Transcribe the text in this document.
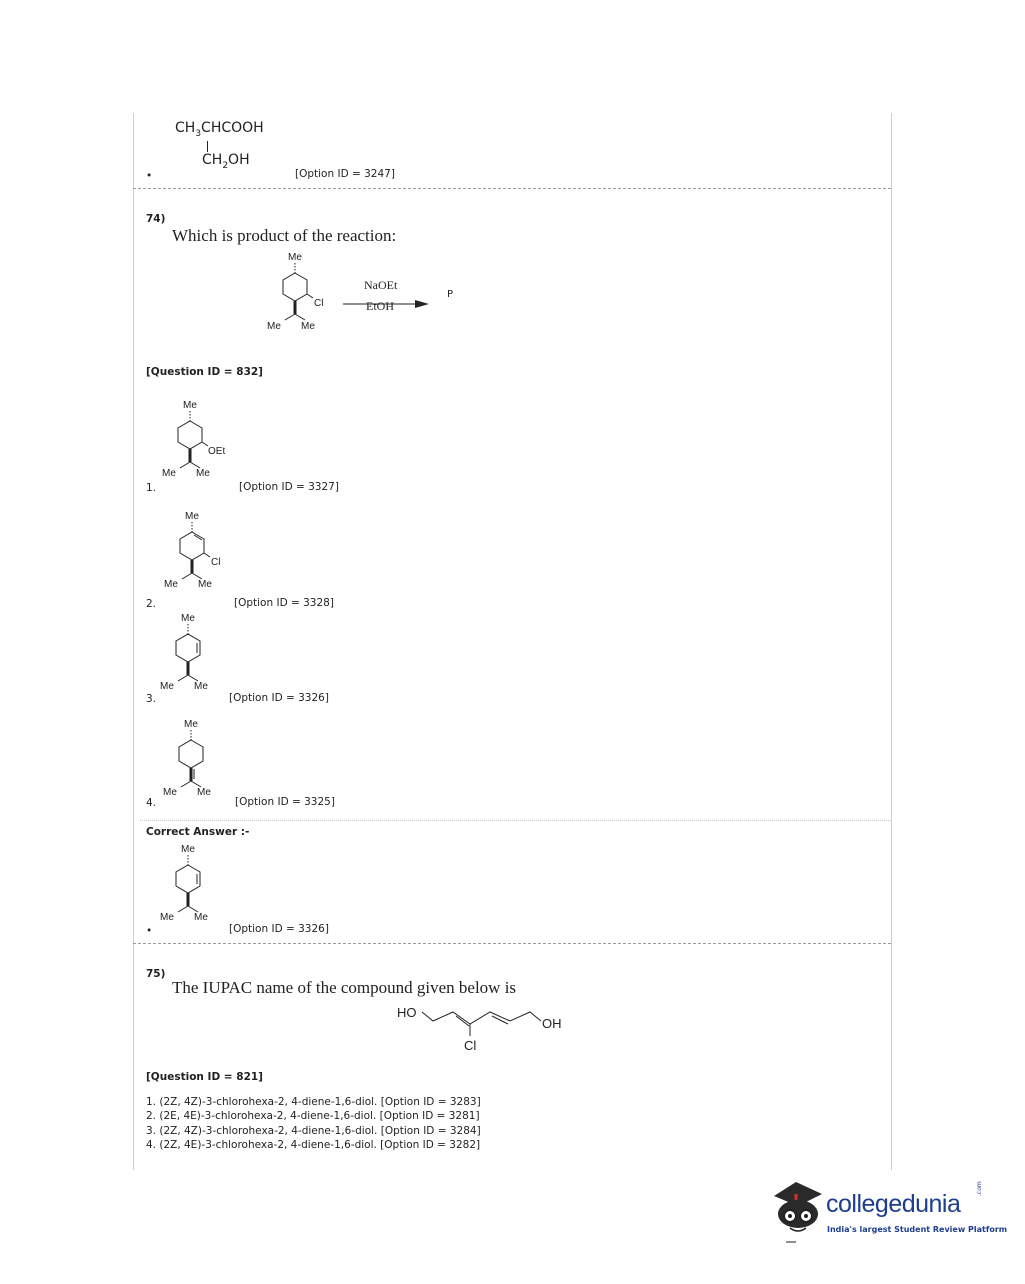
$CH_3CHCOOH$
$CH_2OH$
•	[Option ID = 3247]
74)
Which is product of the reaction:
Me
Cl
Me Me
NaOEt
EtOH
P
[Question ID = 832]
Me
OEt
Me Me
1.	[Option ID = 3327]
Me
Cl
Me Me
2.	[Option ID = 3328]
Me
Me Me
3.	[Option ID = 3326]
Me
Me Me
4.	[Option ID = 3325]
Correct Answer :-
Me
Me Me
•	[Option ID = 3326]
75)
The IUPAC name of the compound given below is
HO
Cl
OH
[Question ID = 821]
1. (2Z, 4Z)-3-chlorohexa-2, 4-diene-1,6-diol. [Option ID = 3283]
2. (2E, 4E)-3-chlorohexa-2, 4-diene-1,6-diol. [Option ID = 3281]
3. (2Z, 4Z)-3-chlorohexa-2, 4-diene-1,6-diol. [Option ID = 3284]
4. (2Z, 4E)-3-chlorohexa-2, 4-diene-1,6-diol. [Option ID = 3282]
collegedunia
.com
India's largest Student Review Platform
